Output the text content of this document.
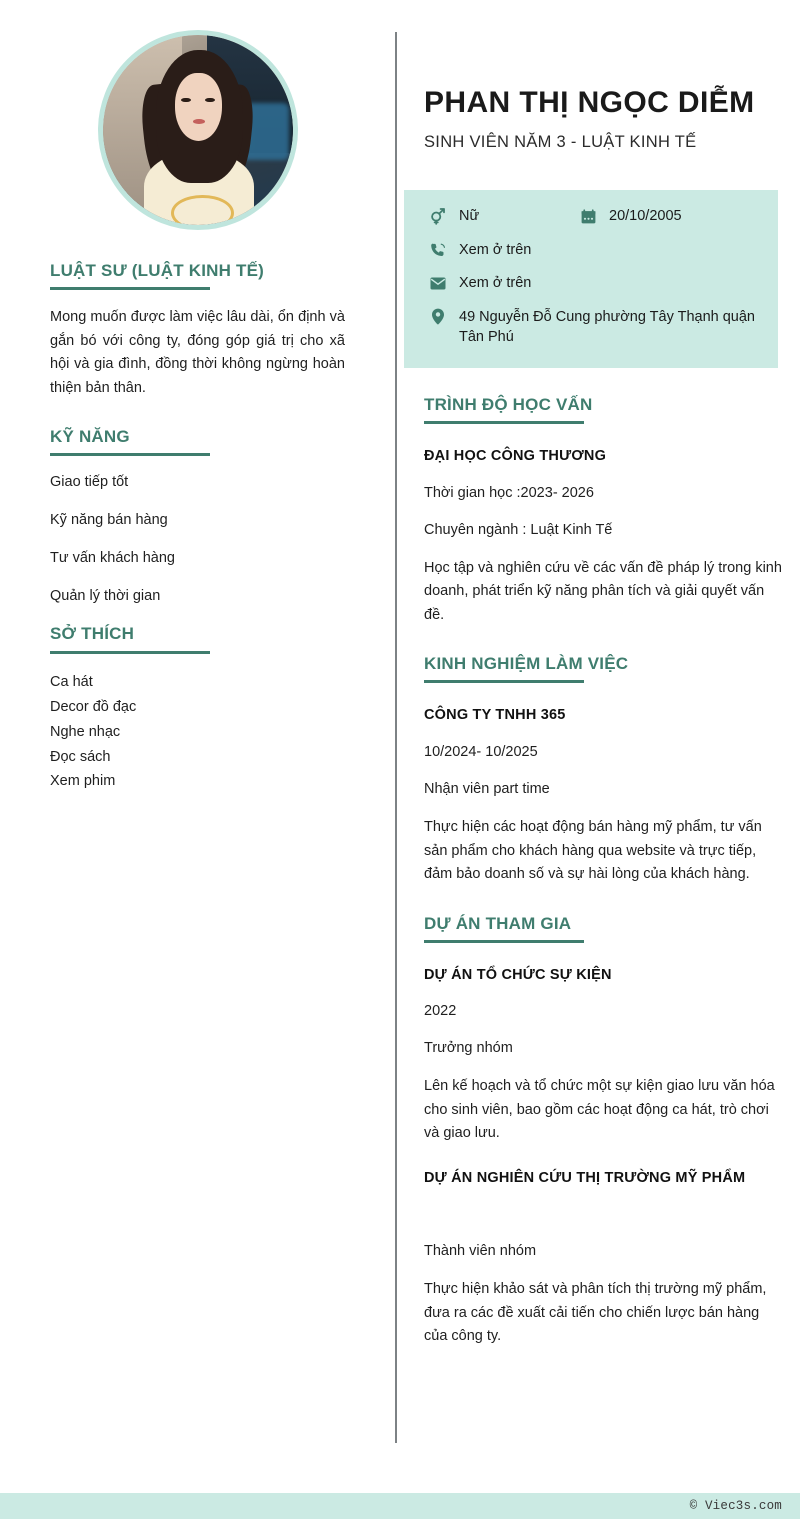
LUẬT SƯ (LUẬT KINH TẾ)

Mong muốn được làm việc lâu dài, ổn định và gắn bó với công ty, đóng góp giá trị cho xã hội và gia đình, đồng thời không ngừng hoàn thiện bản thân.

KỸ NĂNG
Giao tiếp tốt
Kỹ năng bán hàng
Tư vấn khách hàng
Quản lý thời gian
SỞ THÍCH
Ca hát
Decor đồ đạc
Nghe nhạc
Đọc sách
Xem phim
PHAN THỊ NGỌC DIỄM
SINH VIÊN NĂM 3 - LUẬT KINH TẾ
Nữ	20/10/2005
Xem ở trên
Xem ở trên
49 Nguyễn Đỗ Cung phường Tây Thạnh quận Tân Phú
TRÌNH ĐỘ HỌC VẤN
ĐẠI HỌC CÔNG THƯƠNG
Thời gian học :2023- 2026
Chuyên ngành : Luật Kinh Tế
Học tập và nghiên cứu về các vấn đề pháp lý trong kinh doanh, phát triển kỹ năng phân tích và giải quyết vấn đề.
KINH NGHIỆM LÀM VIỆC
CÔNG TY TNHH 365
10/2024- 10/2025
Nhận viên part time
Thực hiện các hoạt động bán hàng mỹ phẩm, tư vấn sản phẩm cho khách hàng qua website và trực tiếp, đảm bảo doanh số và sự hài lòng của khách hàng.
DỰ ÁN THAM GIA
DỰ ÁN TỔ CHỨC SỰ KIỆN
2022
Trưởng nhóm
Lên kế hoạch và tổ chức một sự kiện giao lưu văn hóa cho sinh viên, bao gồm các hoạt động ca hát, trò chơi và giao lưu.
DỰ ÁN NGHIÊN CỨU THỊ TRƯỜNG MỸ PHẨM
Thành viên nhóm
Thực hiện khảo sát và phân tích thị trường mỹ phẩm, đưa ra các đề xuất cải tiến cho chiến lược bán hàng của công ty.
© Viec3s.com
